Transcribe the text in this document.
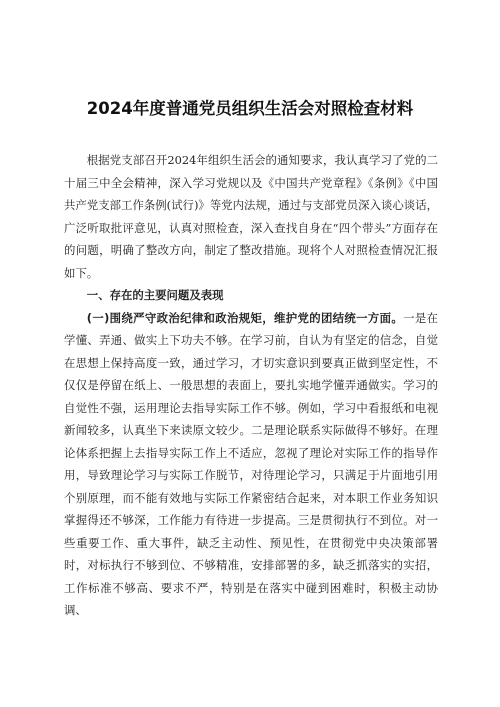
2024年度普通党员组织生活会对照检查材料

根据党支部召开2024年组织生活会的通知要求，我认真学习了党的二十届三中全会精神，深入学习党规以及《中国共产党章程》《条例》《中国共产党支部工作条例(试行)》等党内法规，通过与支部党员深入谈心谈话，广泛听取批评意见，认真对照检查，深入查找自身在“四个带头”方面存在的问题，明确了整改方向，制定了整改措施。现将个人对照检查情况汇报如下。

一、存在的主要问题及表现

(一)围绕严守政治纪律和政治规矩，维护党的团结统一方面。一是在学懂、弄通、做实上下功夫不够。在学习前，自认为有坚定的信念，自觉在思想上保持高度一致，通过学习，才切实意识到要真正做到坚定性，不仅仅是停留在纸上、一般思想的表面上，要扎实地学懂弄通做实。学习的自觉性不强，运用理论去指导实际工作不够。例如，学习中看报纸和电视新闻较多，认真坐下来读原文较少。二是理论联系实际做得不够好。在理论体系把握上去指导实际工作上不适应，忽视了理论对实际工作的指导作用，导致理论学习与实际工作脱节，对待理论学习，只满足于片面地引用个别原理，而不能有效地与实际工作紧密结合起来，对本职工作业务知识掌握得还不够深，工作能力有待进一步提高。三是贯彻执行不到位。对一些重要工作、重大事件，缺乏主动性、预见性，在贯彻党中央决策部署时，对标执行不够到位、不够精准，安排部署的多，缺乏抓落实的实招，工作标准不够高、要求不严，特别是在落实中碰到困难时，积极主动协调、
